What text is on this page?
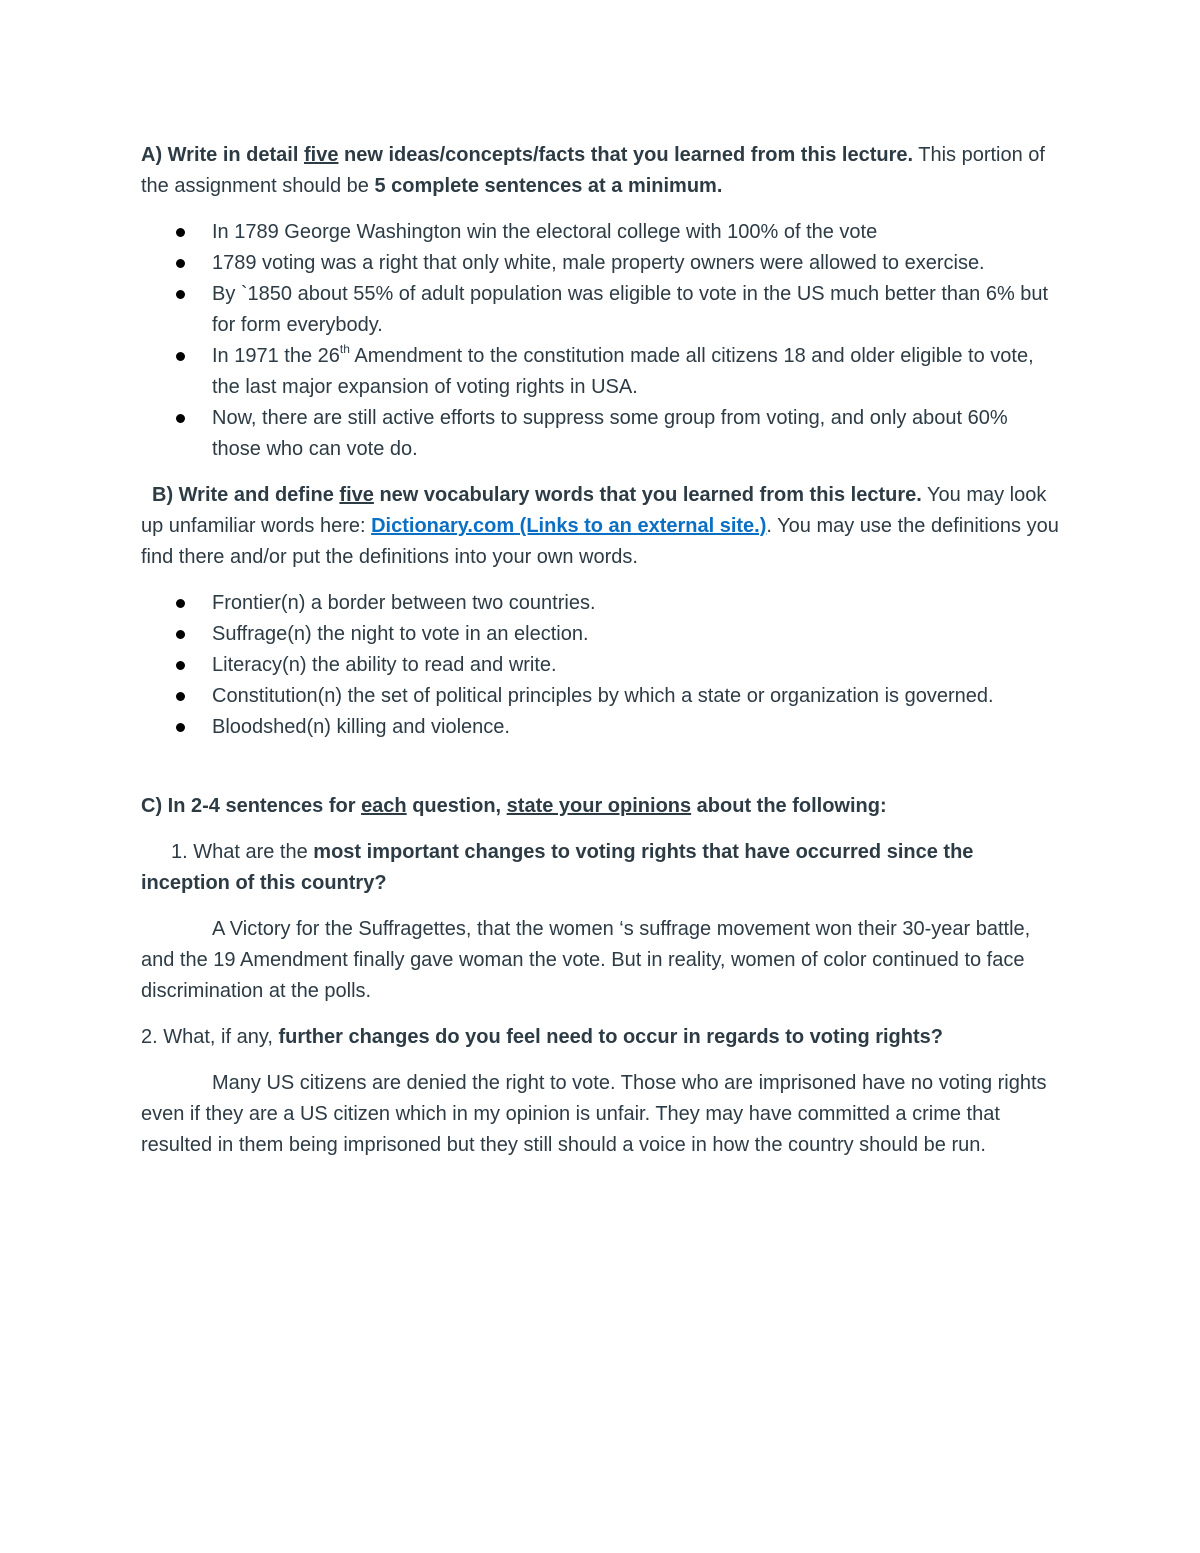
A) Write in detail five new ideas/concepts/facts that you learned from this lecture. This portion of the assignment should be 5 complete sentences at a minimum.

In 1789 George Washington win the electoral college with 100% of the vote
1789 voting was a right that only white, male property owners were allowed to exercise.
By `1850 about 55% of adult population was eligible to vote in the US much better than 6% but for form everybody.
In 1971 the 26th Amendment to the constitution made all citizens 18 and older eligible to vote, the last major expansion of voting rights in USA.
Now, there are still active efforts to suppress some group from voting, and only about 60% those who can vote do.

B) Write and define five new vocabulary words that you learned from this lecture. You may look up unfamiliar words here: Dictionary.com (Links to an external site.). You may use the definitions you find there and/or put the definitions into your own words.

Frontier(n) a border between two countries.
Suffrage(n) the night to vote in an election.
Literacy(n) the ability to read and write.
Constitution(n) the set of political principles by which a state or organization is governed.
Bloodshed(n) killing and violence.

C) In 2-4 sentences for each question, state your opinions about the following:

1. What are the most important changes to voting rights that have occurred since the inception of this country?

A Victory for the Suffragettes, that the women ‘s suffrage movement won their 30-year battle, and the 19 Amendment finally gave woman the vote. But in reality, women of color continued to face discrimination at the polls.

2. What, if any, further changes do you feel need to occur in regards to voting rights?

Many US citizens are denied the right to vote. Those who are imprisoned have no voting rights even if they are a US citizen which in my opinion is unfair. They may have committed a crime that resulted in them being imprisoned but they still should a voice in how the country should be run.
